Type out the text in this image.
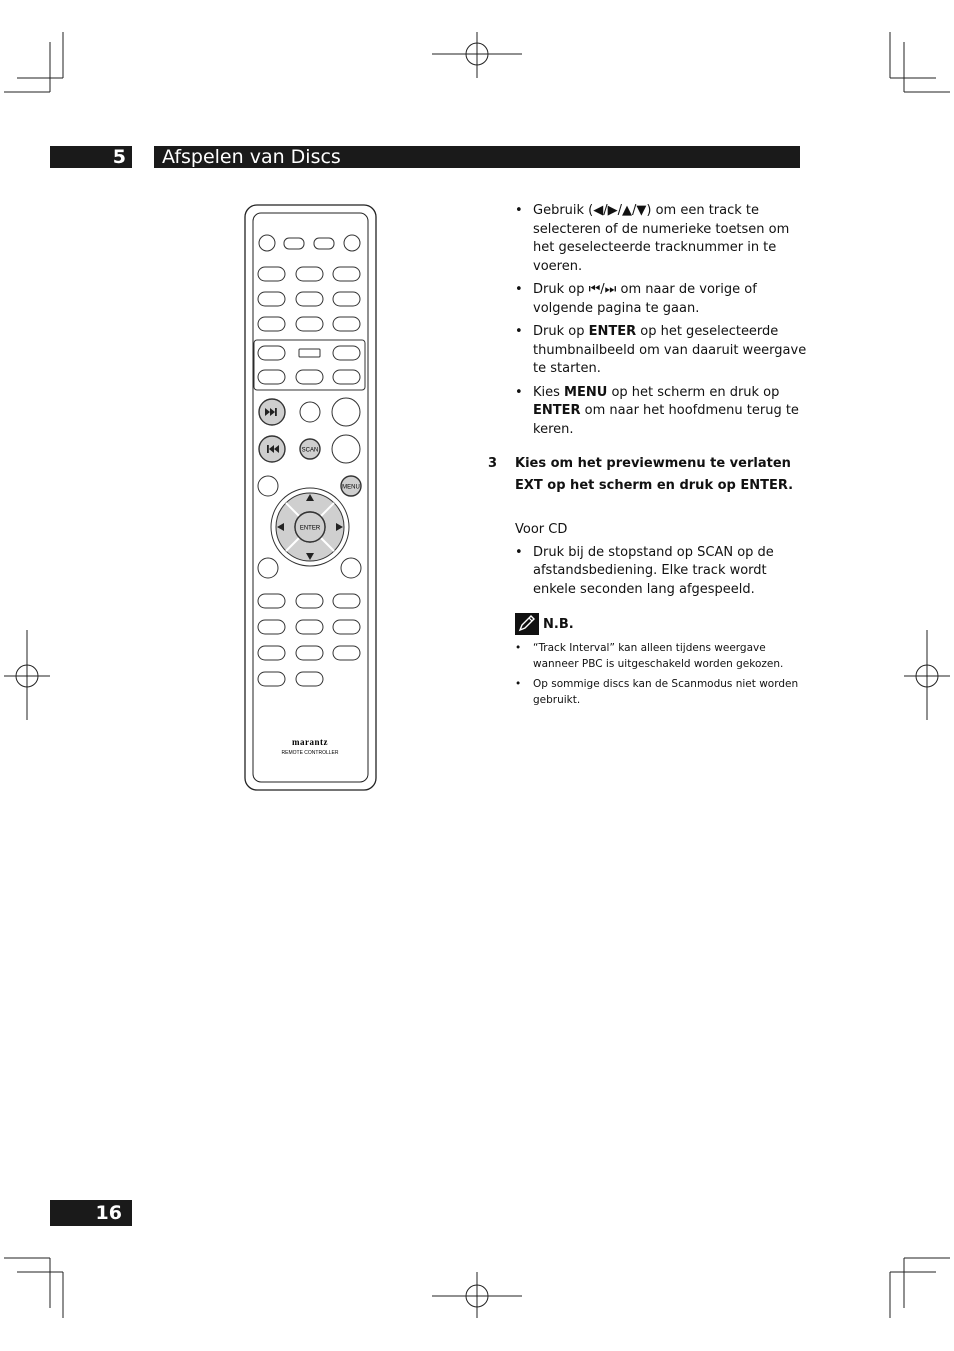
5	Afspelen van Discs
SCAN
MENU
ENTER
marantz
REMOTE CONTROLLER
• Gebruik (◀/▶/▲/▼) om een track te selecteren of de numerieke toetsen om het geselecteerde tracknummer in te voeren.
• Druk op ⏮/⏭ om naar de vorige of volgende pagina te gaan.
• Druk op ENTER op het geselecteerde thumbnailbeeld om van daaruit weergave te starten.
• Kies MENU op het scherm en druk op ENTER om naar het hoofdmenu terug te keren.
3 Kies om het previewmenu te verlaten EXT op het scherm en druk op ENTER.
Voor CD
• Druk bij de stopstand op SCAN op de afstandsbediening. Elke track wordt enkele seconden lang afgespeeld.
N.B.
• “Track Interval” kan alleen tijdens weergave wanneer PBC is uitgeschakeld worden gekozen.
• Op sommige discs kan de Scanmodus niet worden gebruikt.
16
